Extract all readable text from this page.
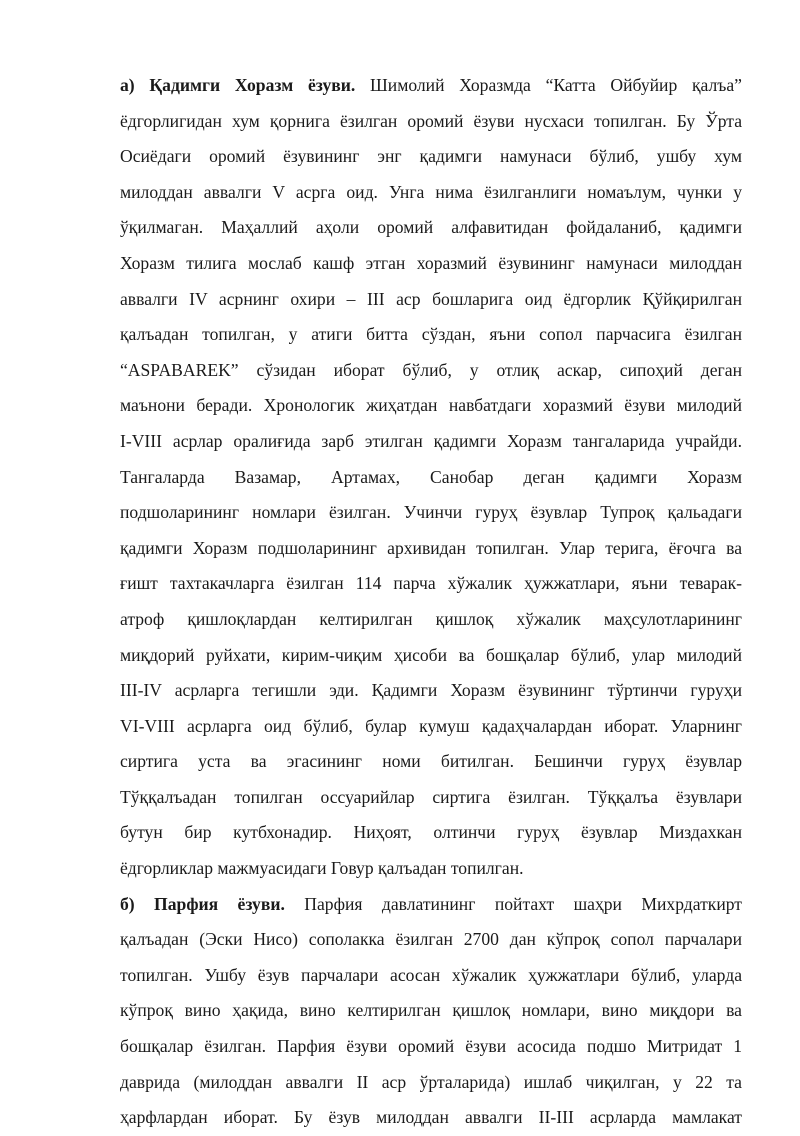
а) Қадимги Хоразм ёзуви. Шимолий Хоразмда “Катта Ойбуйир қалъа”
ёдгорлигидан хум қорнига ёзилган оромий ёзуви нусхаси топилган. Бу Ўрта
Осиёдаги оромий ёзувининг энг қадимги намунаси бўлиб, ушбу хум
милоддан аввалги V асрга оид. Унга нима ёзилганлиги номаълум, чунки у
ўқилмаган. Маҳаллий аҳоли оромий алфавитидан фойдаланиб, қадимги
Хоразм тилига мослаб кашф этган хоразмий ёзувининг намунаси милоддан
аввалги IV асрнинг охири – III аср бошларига оид ёдгорлик Қўйқирилган
қалъадан топилган, у атиги битта сўздан, яъни сопол парчасига ёзилган
“ASPABAREK” сўзидан иборат бўлиб, у отлиқ аскар, сипоҳий деган
маънони беради. Хронологик жиҳатдан навбатдаги хоразмий ёзуви милодий
I-VIII асрлар оралиғида зарб этилган қадимги Хоразм тангаларида учрайди.
Тангаларда Вазамар, Артамах, Санобар деган қадимги Хоразм
подшоларининг номлари ёзилган. Учинчи гуруҳ ёзувлар Тупроқ қальадаги
қадимги Хоразм подшоларининг архивидан топилган. Улар терига, ёғочга ва
ғишт тахтакачларга ёзилган 114 парча хўжалик ҳужжатлари, яъни теварак-
атроф қишлоқлардан келтирилган қишлоқ хўжалик маҳсулотларининг
миқдорий руйхати, кирим-чиқим ҳисоби ва бошқалар бўлиб, улар милодий
III-IV асрларга тегишли эди. Қадимги Хоразм ёзувининг тўртинчи гуруҳи
VI-VIII асрларга оид бўлиб, булар кумуш қадаҳчалардан иборат. Уларнинг
сиртига уста ва эгасининг номи битилган. Бешинчи гуруҳ ёзувлар
Тўққалъадан топилган оссуарийлар сиртига ёзилган. Тўққалъа ёзувлари
бутун бир кутбхонадир. Ниҳоят, олтинчи гуруҳ ёзувлар Миздахкан
ёдгорликлар мажмуасидаги Говур қалъадан топилган.
б) Парфия ёзуви. Парфия давлатининг пойтахт шаҳри Михрдаткирт
қалъадан (Эски Нисо) сополакка ёзилган 2700 дан кўпроқ сопол парчалари
топилган. Ушбу ёзув парчалари асосан хўжалик ҳужжатлари бўлиб, уларда
кўпроқ вино ҳақида, вино келтирилган қишлоқ номлари, вино миқдори ва
бошқалар ёзилган. Парфия ёзуви оромий ёзуви асосида подшо Митридат 1
даврида (милоддан аввалги II аср ўрталарида) ишлаб чиқилган, у 22 та
ҳарфлардан иборат. Бу ёзув милоддан аввалги II-III асрларда мамлакат
